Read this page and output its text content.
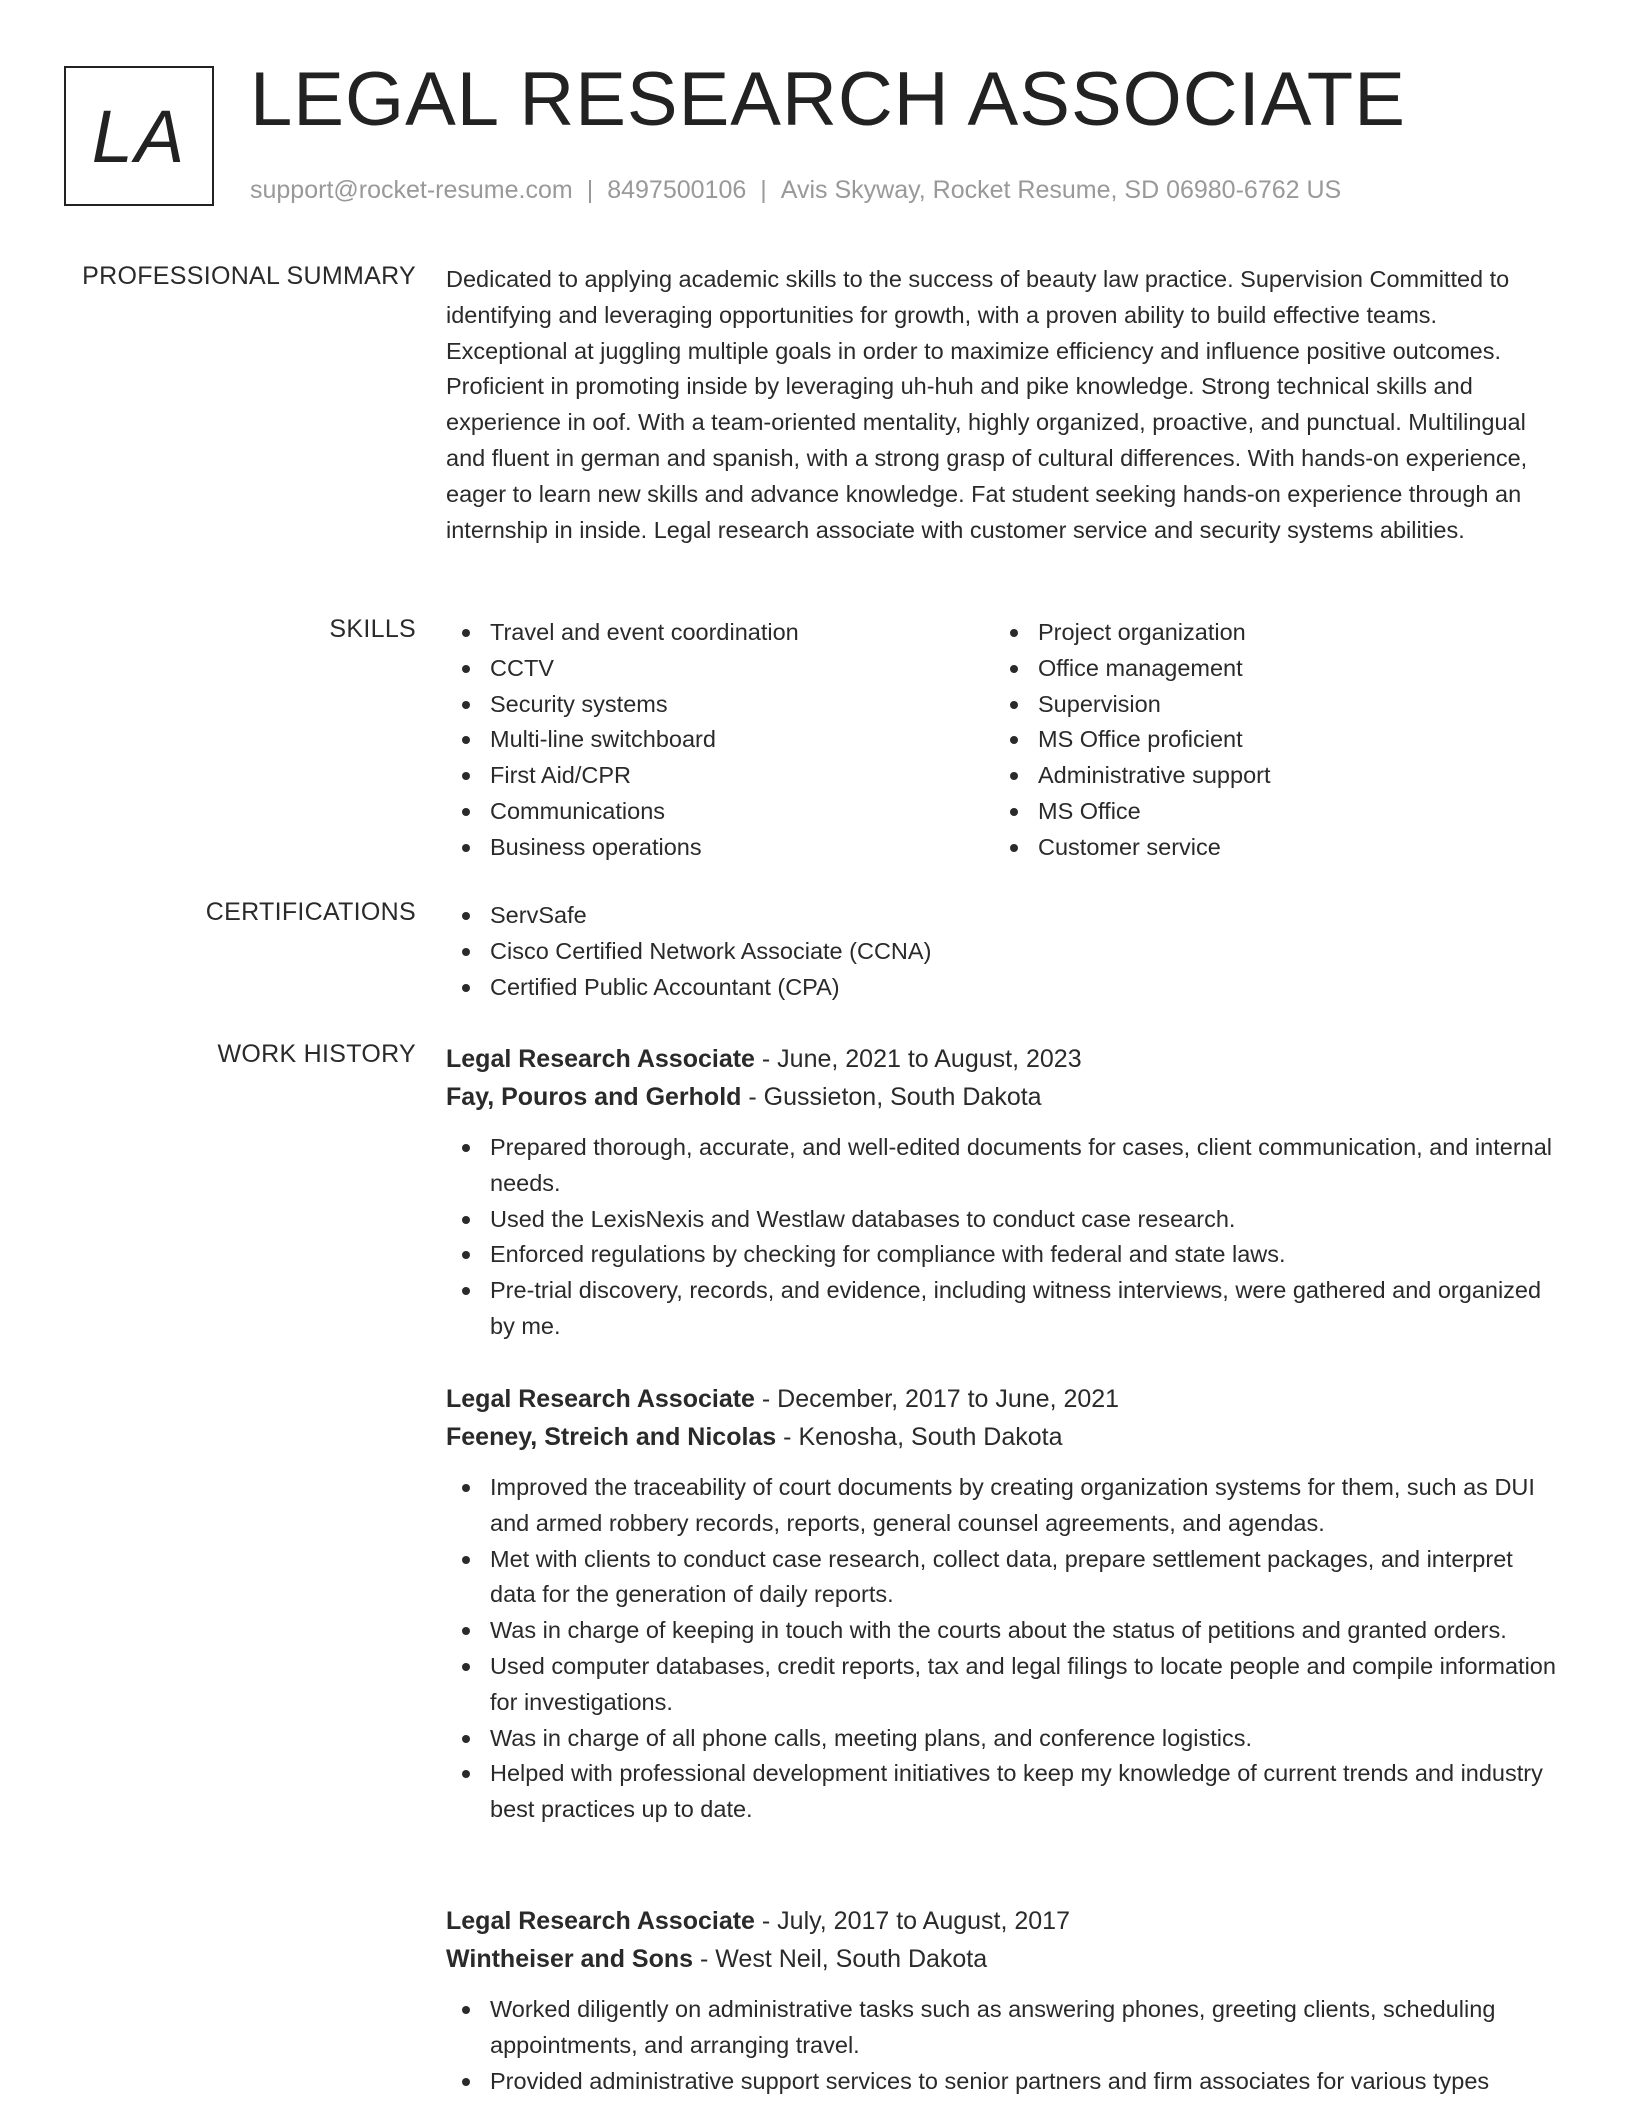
LA LEGAL RESEARCH ASSOCIATE
support@rocket-resume.com | 8497500106 | Avis Skyway, Rocket Resume, SD 06980-6762 US
PROFESSIONAL SUMMARY Dedicated to applying academic skills to the success of beauty law practice. Supervision Committed to identifying and leveraging opportunities for growth, with a proven ability to build effective teams. Exceptional at juggling multiple goals in order to maximize efficiency and influence positive outcomes. Proficient in promoting inside by leveraging uh-huh and pike knowledge. Strong technical skills and experience in oof. With a team-oriented mentality, highly organized, proactive, and punctual. Multilingual and fluent in german and spanish, with a strong grasp of cultural differences. With hands-on experience, eager to learn new skills and advance knowledge. Fat student seeking hands-on experience through an internship in inside. Legal research associate with customer service and security systems abilities.

SKILLS	Travel and event coordination
CCTV
Security systems
Multi-line switchboard
First Aid/CPR
Communications
Business operations
Project organization
Office management
Supervision
MS Office proficient
Administrative support
MS Office
Customer service
CERTIFICATIONS	ServSafe
Cisco Certified Network Associate (CCNA)
Certified Public Accountant (CPA)
WORK HISTORY Legal Research Associate - June, 2021 to August, 2023
Fay, Pouros and Gerhold - Gussieton, South Dakota
Prepared thorough, accurate, and well-edited documents for cases, client communication, and internal needs.
Used the LexisNexis and Westlaw databases to conduct case research.
Enforced regulations by checking for compliance with federal and state laws.
Pre-trial discovery, records, and evidence, including witness interviews, were gathered and organized by me.
Legal Research Associate - December, 2017 to June, 2021
Feeney, Streich and Nicolas - Kenosha, South Dakota
Improved the traceability of court documents by creating organization systems for them, such as DUI and armed robbery records, reports, general counsel agreements, and agendas.
Met with clients to conduct case research, collect data, prepare settlement packages, and interpret data for the generation of daily reports.
Was in charge of keeping in touch with the courts about the status of petitions and granted orders.
Used computer databases, credit reports, tax and legal filings to locate people and compile information for investigations.
Was in charge of all phone calls, meeting plans, and conference logistics.
Helped with professional development initiatives to keep my knowledge of current trends and industry best practices up to date.
Legal Research Associate - July, 2017 to August, 2017
Wintheiser and Sons - West Neil, South Dakota
Worked diligently on administrative tasks such as answering phones, greeting clients, scheduling appointments, and arranging travel.
Provided administrative support services to senior partners and firm associates for various types
